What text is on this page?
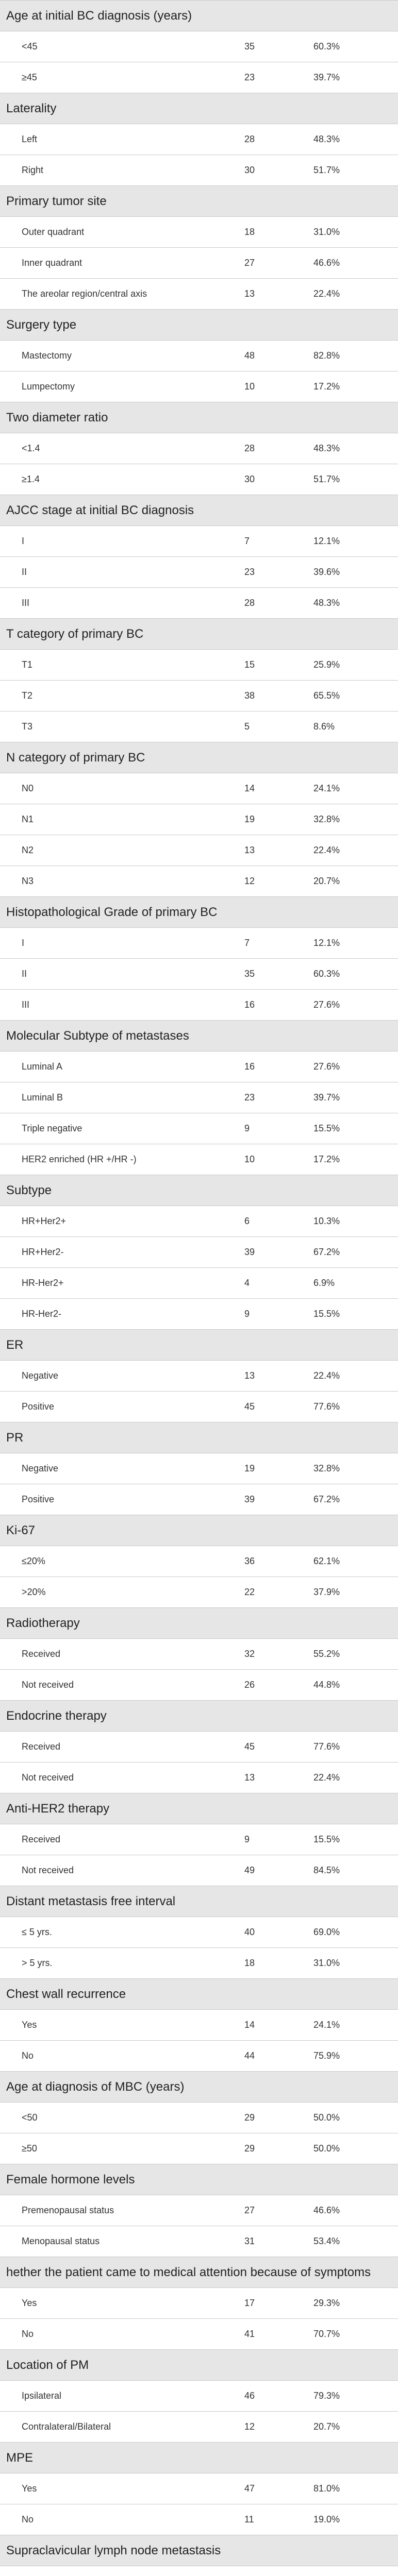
Age at initial BC diagnosis (years)
<45	35	60.3%
≥45	23	39.7%
Laterality
Left	28	48.3%
Right	30	51.7%
Primary tumor site
Outer quadrant	18	31.0%
Inner quadrant	27	46.6%
The areolar region/central axis	13	22.4%
Surgery type
Mastectomy	48	82.8%
Lumpectomy	10	17.2%
Two diameter ratio
<1.4	28	48.3%
≥1.4	30	51.7%
AJCC stage at initial BC diagnosis
I	7	12.1%
II	23	39.6%
III	28	48.3%
T category of primary BC
T1	15	25.9%
T2	38	65.5%
T3	5	8.6%
N category of primary BC
N0	14	24.1%
N1	19	32.8%
N2	13	22.4%
N3	12	20.7%
Histopathological Grade of primary BC
I	7	12.1%
II	35	60.3%
III	16	27.6%
Molecular Subtype of metastases
Luminal A	16	27.6%
Luminal B	23	39.7%
Triple negative	9	15.5%
HER2 enriched (HR +/HR -)	10	17.2%
Subtype
HR+Her2+	6	10.3%
HR+Her2-	39	67.2%
HR-Her2+	4	6.9%
HR-Her2-	9	15.5%
ER
Negative	13	22.4%
Positive	45	77.6%
PR
Negative	19	32.8%
Positive	39	67.2%
Ki-67
≤20%	36	62.1%
>20%	22	37.9%
Radiotherapy
Received	32	55.2%
Not received	26	44.8%
Endocrine therapy
Received	45	77.6%
Not received	13	22.4%
Anti-HER2 therapy
Received	9	15.5%
Not received	49	84.5%
Distant metastasis free interval
≤ 5 yrs.	40	69.0%
> 5 yrs.	18	31.0%
Chest wall recurrence
Yes	14	24.1%
No	44	75.9%
Age at diagnosis of MBC (years)
<50	29	50.0%
≥50	29	50.0%
Female hormone levels
Premenopausal status	27	46.6%
Menopausal status	31	53.4%
hether the patient came to medical attention because of symptoms
Yes	17	29.3%
No	41	70.7%
Location of PM
Ipsilateral	46	79.3%
Contralateral/Bilateral	12	20.7%
MPE
Yes	47	81.0%
No	11	19.0%
Supraclavicular lymph node metastasis
